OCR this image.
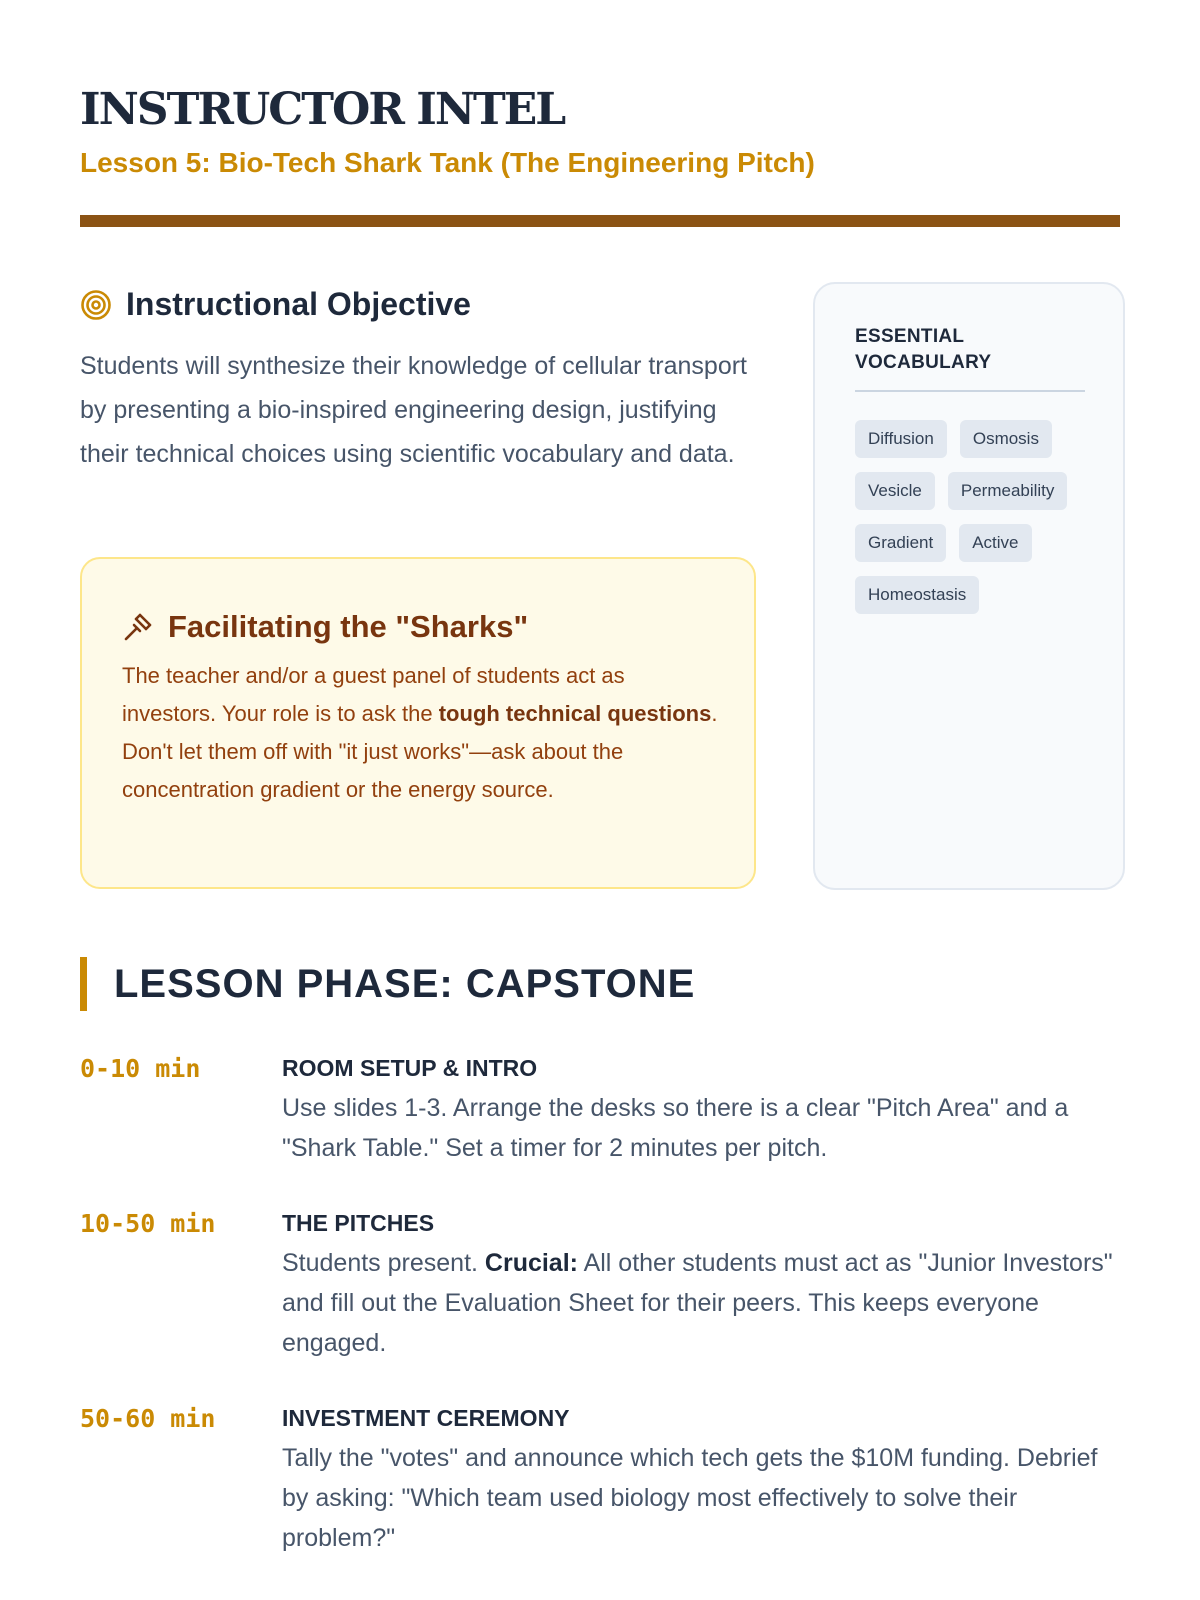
INSTRUCTOR INTEL
Lesson 5: Bio-Tech Shark Tank (The Engineering Pitch)
Instructional Objective

Students will synthesize their knowledge of cellular transport by presenting a bio-inspired engineering design, justifying their technical choices using scientific vocabulary and data.

Facilitating the "Sharks"

The teacher and/or a guest panel of students act as investors. Your role is to ask the tough technical questions. Don't let them off with "it just works"—ask about the concentration gradient or the energy source.

ESSENTIAL VOCABULARY
Diffusion	Osmosis
Vesicle	Permeability
Gradient	Active
Homeostasis
LESSON PHASE: CAPSTONE
0-10 min	ROOM SETUP & INTRO

Use slides 1-3. Arrange the desks so there is a clear "Pitch Area" and a "Shark Table." Set a timer for 2 minutes per pitch.

10-50 min	THE PITCHES

Students present. Crucial: All other students must act as "Junior Investors" and fill out the Evaluation Sheet for their peers. This keeps everyone engaged.

50-60 min	INVESTMENT CEREMONY

Tally the "votes" and announce which tech gets the $10M funding. Debrief by asking: "Which team used biology most effectively to solve their problem?"
